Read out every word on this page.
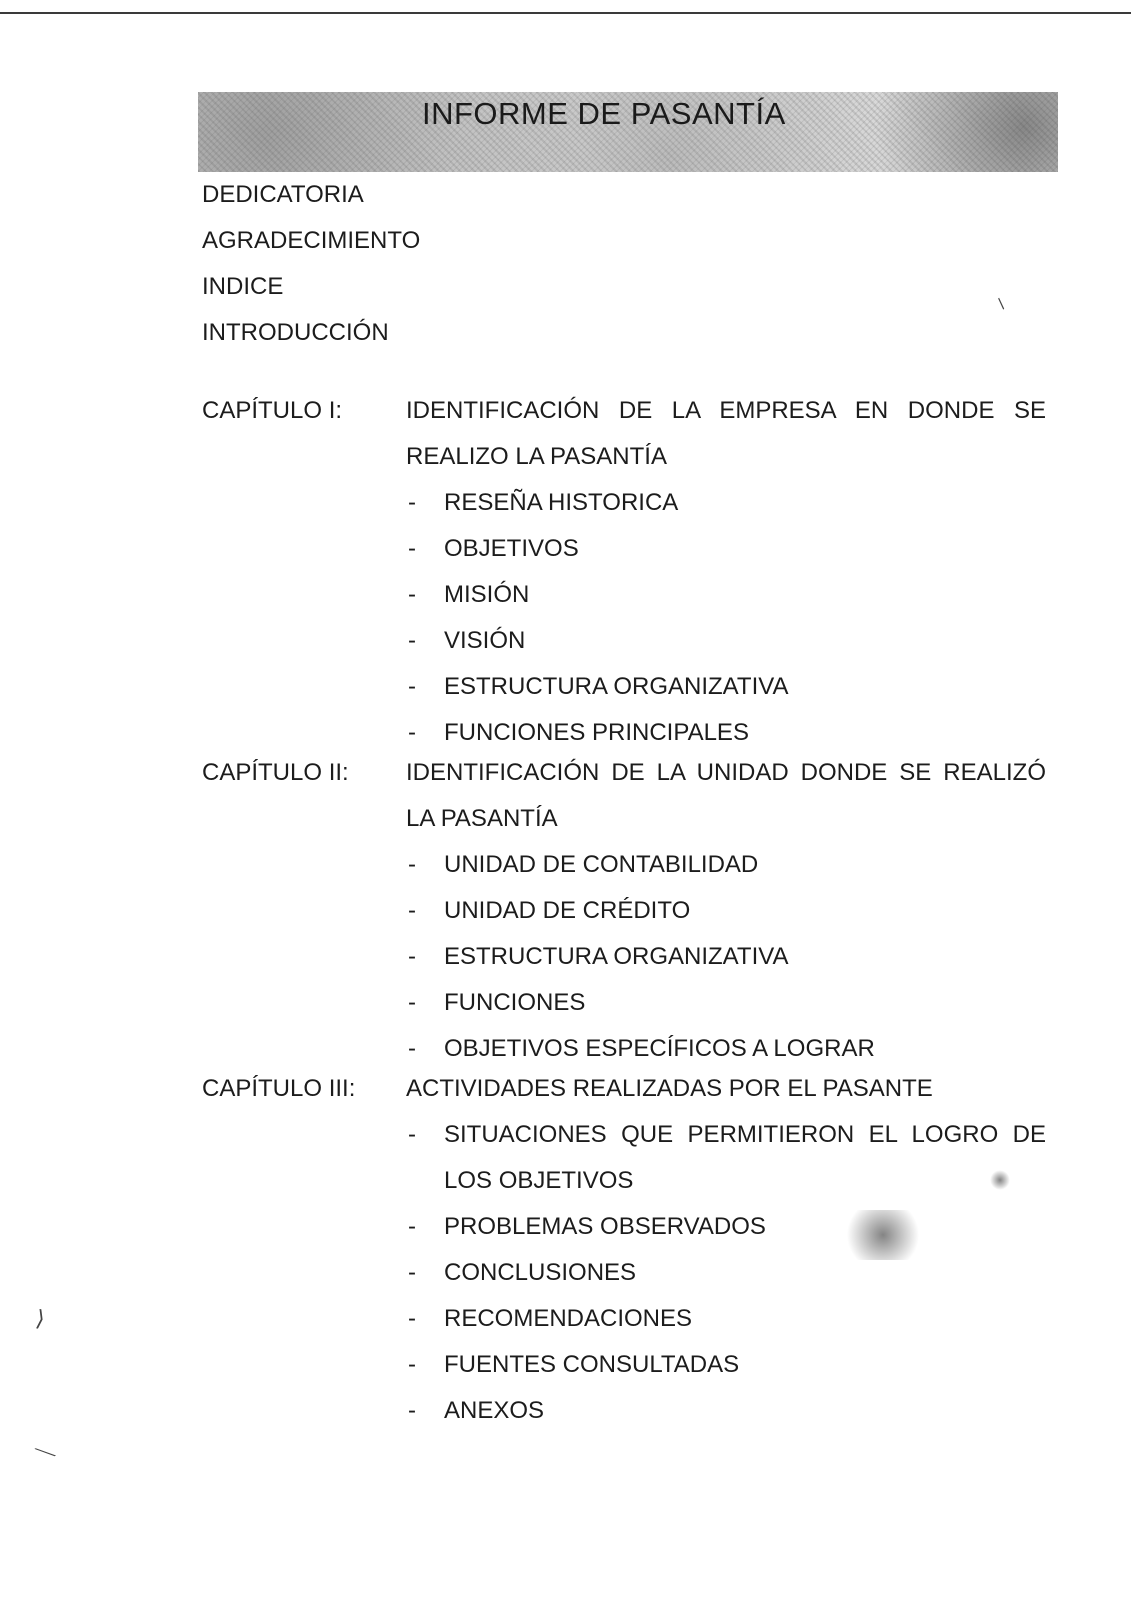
INFORME DE PASANTÍA
DEDICATORIA
AGRADECIMIENTO
INDICE
INTRODUCCIÓN
CAPÍTULO I:	IDENTIFICACIÓN DE LA EMPRESA EN DONDE SE REALIZO LA PASANTÍA
- RESEÑA HISTORICA
- OBJETIVOS
- MISIÓN
- VISIÓN
- ESTRUCTURA ORGANIZATIVA
- FUNCIONES PRINCIPALES
CAPÍTULO II: IDENTIFICACIÓN DE LA UNIDAD DONDE SE REALIZÓ LA PASANTÍA
- UNIDAD DE CONTABILIDAD
- UNIDAD DE CRÉDITO
- ESTRUCTURA ORGANIZATIVA
- FUNCIONES
- OBJETIVOS ESPECÍFICOS A LOGRAR
CAPÍTULO III: ACTIVIDADES REALIZADAS POR EL PASANTE
- SITUACIONES QUE PERMITIERON EL LOGRO DE LOS OBJETIVOS
- PROBLEMAS OBSERVADOS
- CONCLUSIONES
- RECOMENDACIONES
- FUENTES CONSULTADAS
- ANEXOS
⟩
⟍
/
